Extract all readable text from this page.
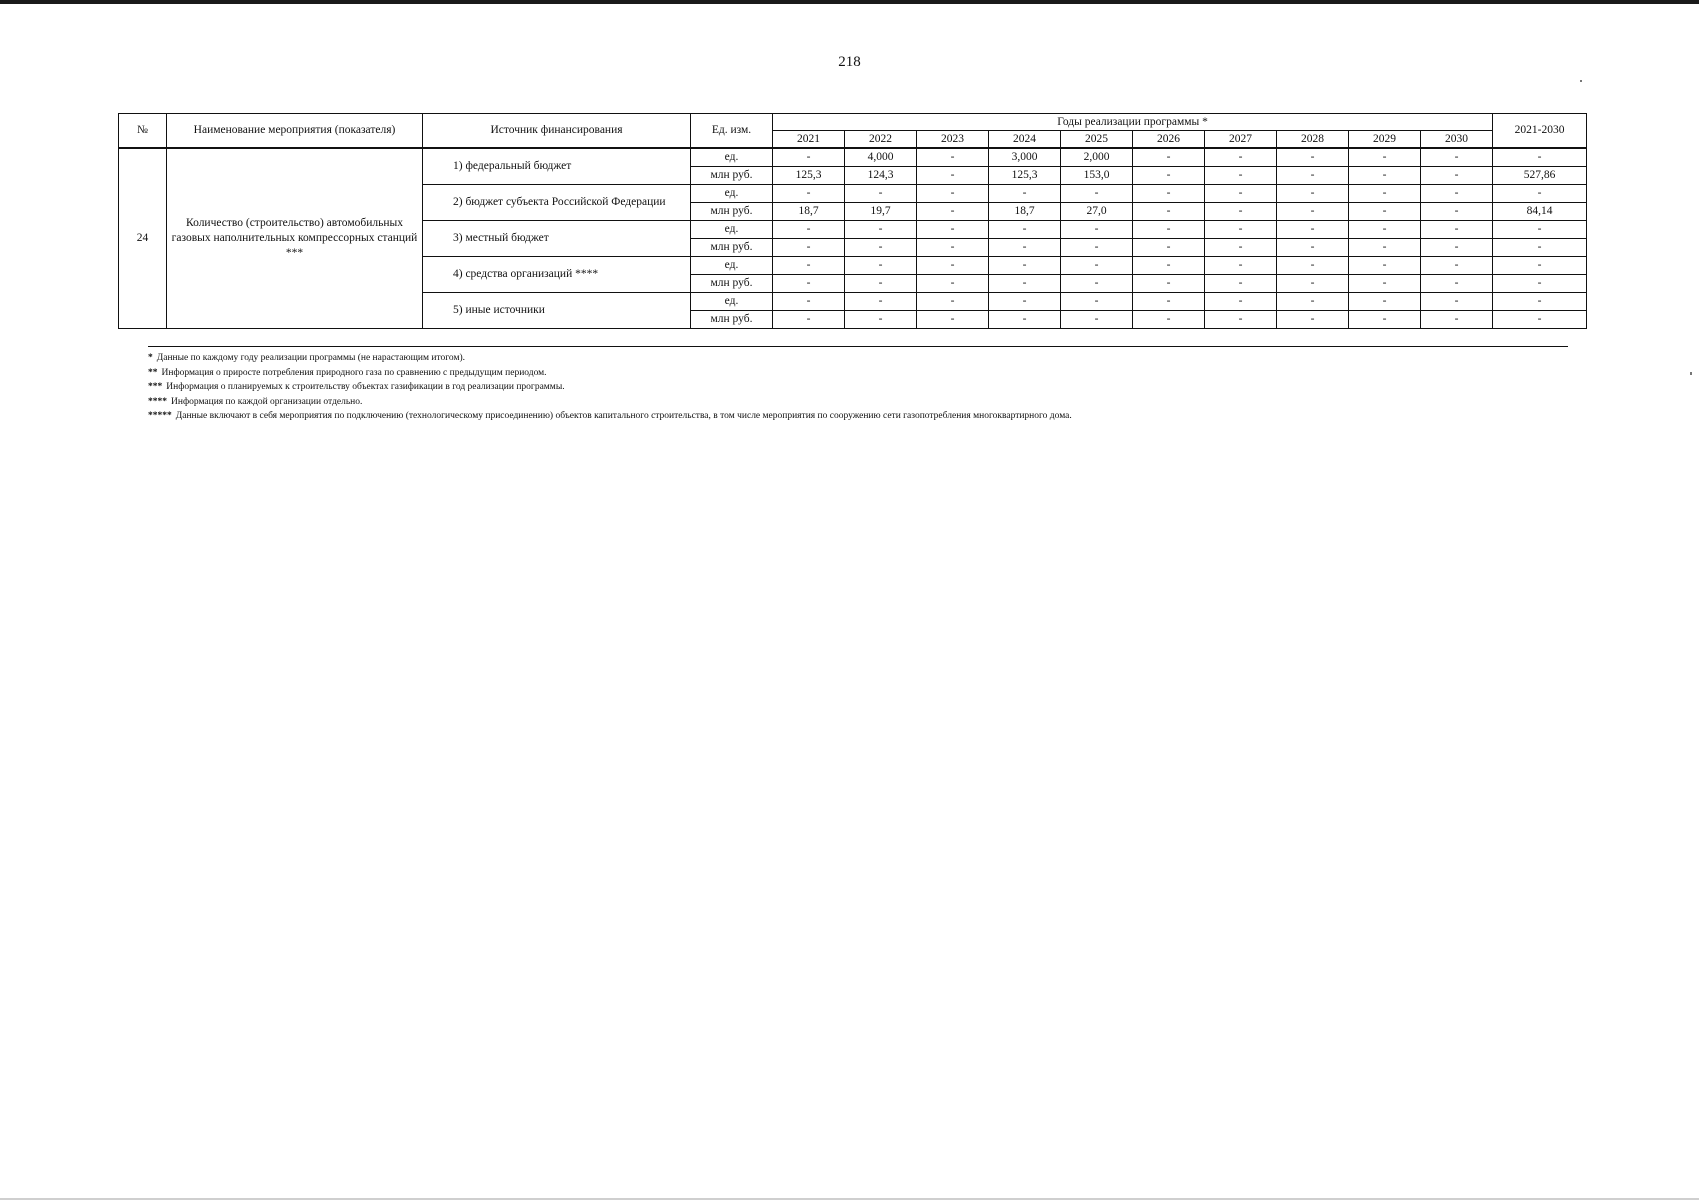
218
№	Наименование мероприятия (показателя)	Источник финансирования	Ед. изм.	Годы реализации программы *										2021-2030
				2021	2022	2023	2024	2025	2026	2027	2028	2029	2030	
24	Количество (строительство) автомобильных газовых наполнительных компрессорных станций ***	1) федеральный бюджет	ед.	-	4,000	-	3,000	2,000	-	-	-	-	-	-
			млн руб.	125,3	124,3	-	125,3	153,0	-	-	-	-	-	527,86
		2) бюджет субъекта Российской Федерации	ед.	-	-	-	-	-	-	-	-	-	-	-
			млн руб.	18,7	19,7	-	18,7	27,0	-	-	-	-	-	84,14
		3) местный бюджет	ед.	-	-	-	-	-	-	-	-	-	-	-
			млн руб.	-	-	-	-	-	-	-	-	-	-	-
		4) средства организаций ****	ед.	-	-	-	-	-	-	-	-	-	-	-
			млн руб.	-	-	-	-	-	-	-	-	-	-	-
		5) иные источники	ед.	-	-	-	-	-	-	-	-	-	-	-
			млн руб.	-	-	-	-	-	-	-	-	-	-	-
* Данные по каждому году реализации программы (не нарастающим итогом).
** Информация о приросте потребления природного газа по сравнению с предыдущим периодом.
*** Информация о планируемых к строительству объектах газификации в год реализации программы.
**** Информация по каждой организации отдельно.
***** Данные включают в себя мероприятия по подключению (технологическому присоединению) объектов капитального строительства, в том числе мероприятия по сооружению сети газопотребления многоквартирного дома.
